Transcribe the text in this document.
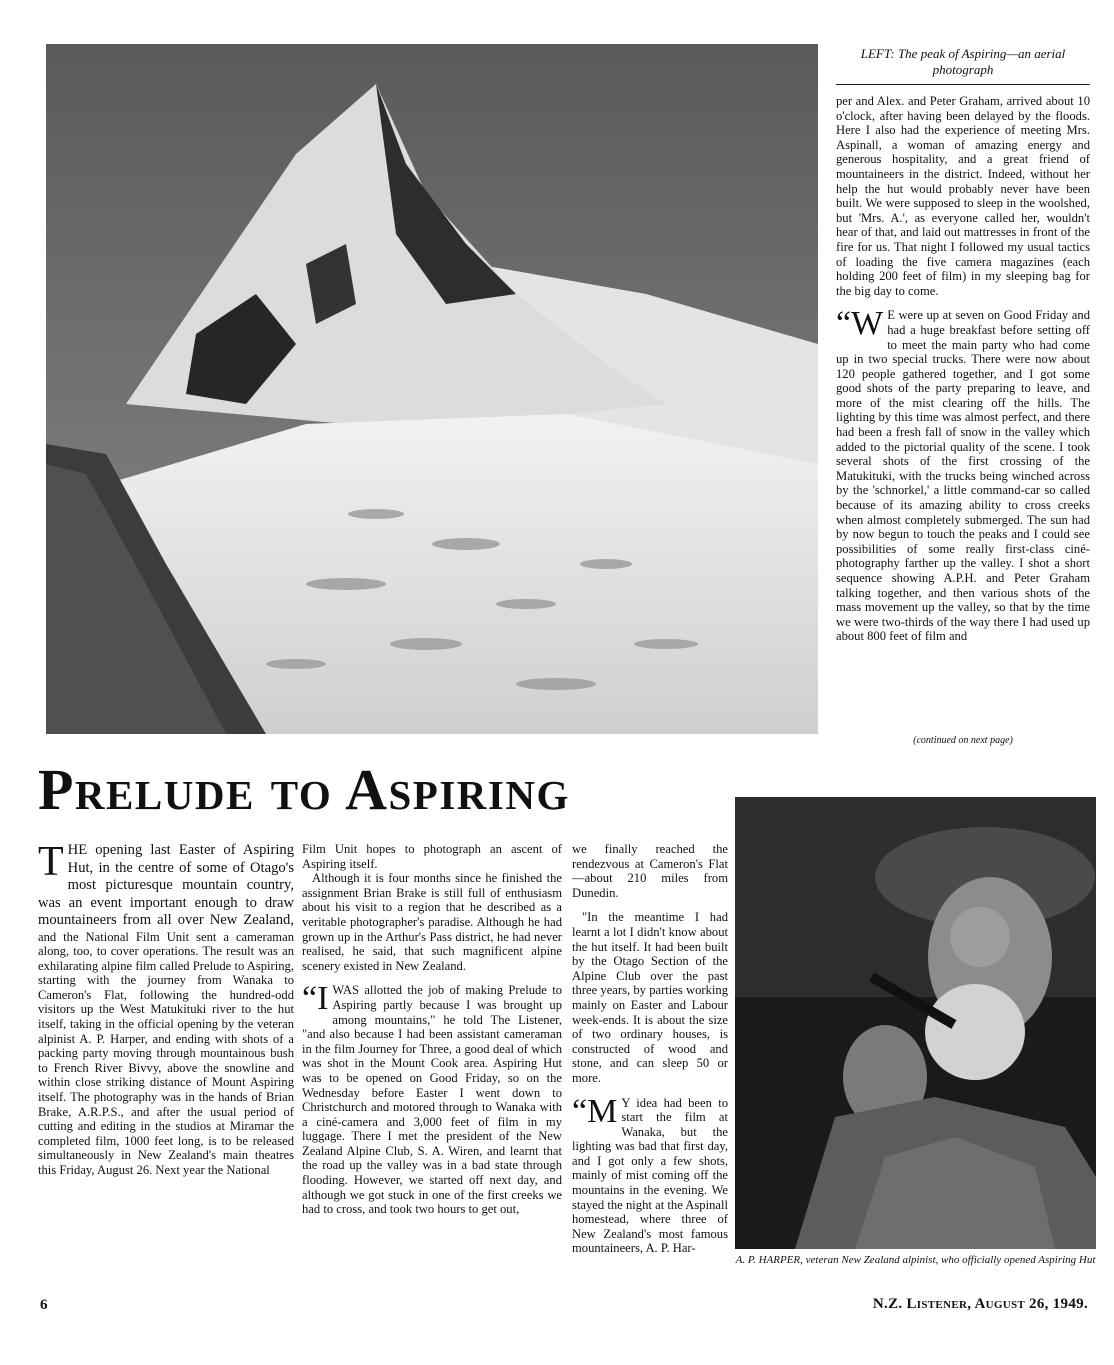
LEFT: The peak of Aspiring—an aerial photograph

per and Alex. and Peter Graham, arrived about 10 o'clock, after having been delayed by the floods. Here I also had the experience of meeting Mrs. Aspinall, a woman of amazing energy and generous hospitality, and a great friend of mountaineers in the district. Indeed, without her help the hut would probably never have been built. We were supposed to sleep in the woolshed, but 'Mrs. A.', as everyone called her, wouldn't hear of that, and laid out mattresses in front of the fire for us. That night I followed my usual tactics of loading the five camera magazines (each holding 200 feet of film) in my sleeping bag for the big day to come.

“W E were up at seven on Good Friday and had a huge breakfast before setting off to meet the main party who had come up in two special trucks. There were now about 120 people gathered together, and I got some good shots of the party preparing to leave, and more of the mist clearing off the hills. The lighting by this time was almost perfect, and there had been a fresh fall of snow in the valley which added to the pictorial quality of the scene. I took several shots of the first crossing of the Matukituki, with the trucks being winched across by the 'schnorkel,' a little command-car so called because of its amazing ability to cross creeks when almost completely submerged. The sun had by now begun to touch the peaks and I could see possibilities of some really first-class ciné-photography farther up the valley. I shot a short sequence showing A.P.H. and Peter Graham talking together, and then various shots of the mass movement up the valley, so that by the time we were two-thirds of the way there I had used up about 800 feet of film and

(continued on next page)
Prelude to Aspiring

THE opening last Easter of Aspiring Hut, in the centre of some of Otago's most picturesque mountain country, was an event important enough to draw mountaineers from all over New Zealand, and the National Film Unit sent a cameraman along, too, to cover operations. The result was an exhilarating alpine film called Prelude to Aspiring, starting with the journey from Wanaka to Cameron's Flat, following the hundred-odd visitors up the West Matukituki river to the hut itself, taking in the official opening by the veteran alpinist A. P. Harper, and ending with shots of a packing party moving through mountainous bush to French River Bivvy, above the snowline and within close striking distance of Mount Aspiring itself. The photography was in the hands of Brian Brake, A.R.P.S., and after the usual period of cutting and editing in the studios at Miramar the completed film, 1000 feet long, is to be released simultaneously in New Zealand's main theatres this Friday, August 26. Next year the National

Film Unit hopes to photograph an ascent of Aspiring itself.

Although it is four months since he finished the assignment Brian Brake is still full of enthusiasm about his visit to a region that he described as a veritable photographer's paradise. Although he had grown up in the Arthur's Pass district, he had never realised, he said, that such magnificent alpine scenery existed in New Zealand.

“IWAS allotted the job of making Prelude to Aspiring partly because I was brought up among mountains," he told The Listener, "and also because I had been assistant cameraman in the film Journey for Three, a good deal of which was shot in the Mount Cook area. Aspiring Hut was to be opened on Good Friday, so on the Wednesday before Easter I went down to Christchurch and motored through to Wanaka with a ciné-camera and 3,000 feet of film in my luggage. There I met the president of the New Zealand Alpine Club, S. A. Wiren, and learnt that the road up the valley was in a bad state through flooding. However, we started off next day, and although we got stuck in one of the first creeks we had to cross, and took two hours to get out,

we finally reached the rendezvous at Cameron's Flat—about 210 miles from Dunedin.

"In the meantime I had learnt a lot I didn't know about the hut itself. It had been built by the Otago Section of the Alpine Club over the past three years, by parties working mainly on Easter and Labour week-ends. It is about the size of two ordinary houses, is constructed of wood and stone, and can sleep 50 or more.

“M Y idea had been to start the film at Wanaka, but the lighting was bad that first day, and I got only a few shots, mainly of mist coming off the mountains in the evening. We stayed the night at the Aspinall homestead, where three of New Zealand's most famous mountaineers, A. P. Har-

A. P. HARPER, veteran New Zealand alpinist, who officially opened Aspiring Hut
6	N.Z. Listener, August 26, 1949.
